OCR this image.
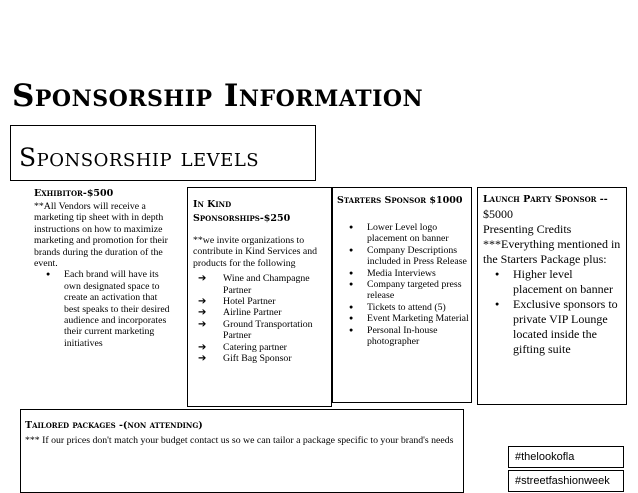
Sponsorship Information
Sponsorship levels
Exhibitor-$500
**All Vendors will receive a marketing tip sheet with in depth instructions on how to maximize marketing and promotion for their brands during the duration of the event.
● Each brand will have its own designated space to create an activation that best speaks to their desired audience and incorporates their current marketing initiatives
In Kind Sponsorships-$250
**we invite organizations to contribute in Kind Services and products for the following
➔ Wine and Champagne Partner
➔ Hotel Partner
➔ Airline Partner
➔ Ground Transportation Partner
➔ Catering partner
➔ Gift Bag Sponsor
Starters Sponsor $1000
● Lower Level logo placement on banner
● Company Descriptions included in Press Release
● Media Interviews
● Company targeted press release
● Tickets to attend (5)
● Event Marketing Material
● Personal In-house photographer
Launch Party Sponsor --
$5000
Presenting Credits ***Everything mentioned in the Starters Package plus:
● Higher level placement on banner
● Exclusive sponsors to private VIP Lounge located inside the gifting suite
Tailored packages -(non attending)
*** If our prices don't match your budget contact us so we can tailor a package specific to your brand's needs
#thelookofla
#streetfashionweek
